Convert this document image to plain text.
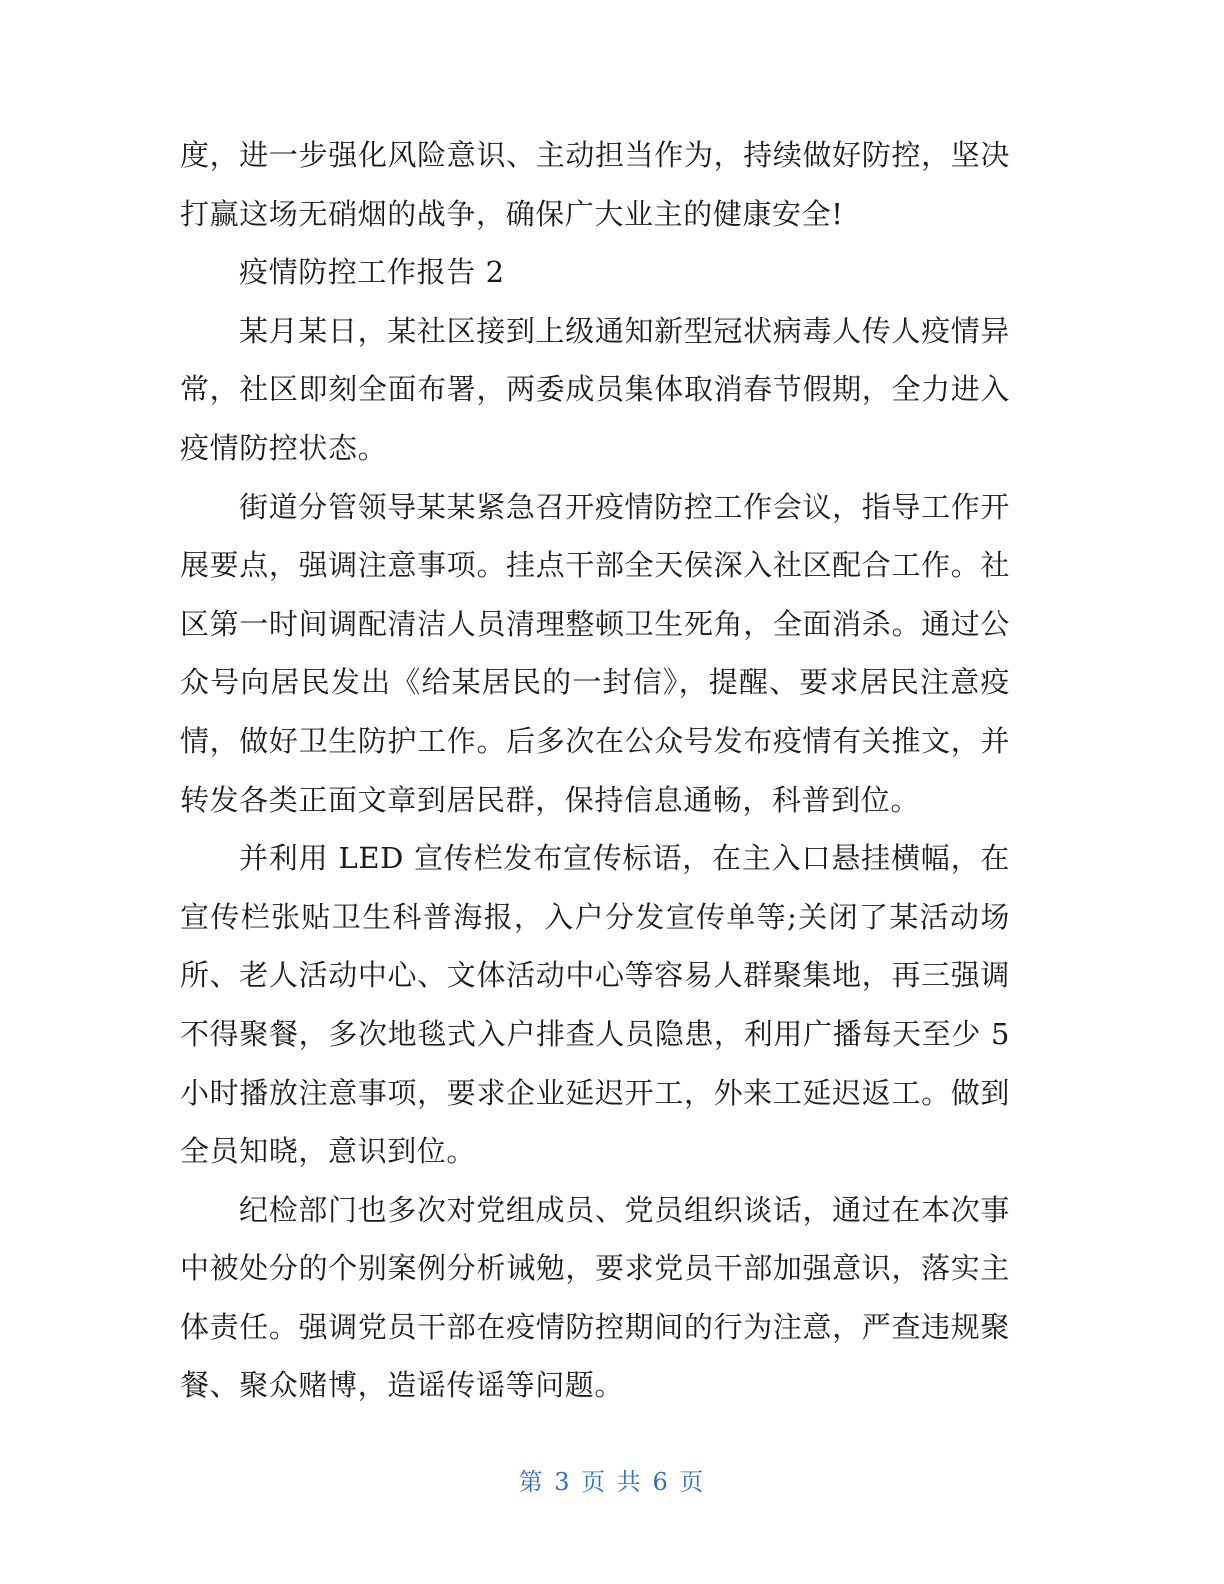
度，进一步强化风险意识、主动担当作为，持续做好防控，坚决打赢这场无硝烟的战争，确保广大业主的健康安全!

疫情防控工作报告 2

某月某日，某社区接到上级通知新型冠状病毒人传人疫情异常，社区即刻全面布署，两委成员集体取消春节假期，全力进入疫情防控状态。

街道分管领导某某紧急召开疫情防控工作会议，指导工作开展要点，强调注意事项。挂点干部全天侯深入社区配合工作。社区第一时间调配清洁人员清理整顿卫生死角，全面消杀。通过公众号向居民发出《给某居民的一封信》，提醒、要求居民注意疫情，做好卫生防护工作。后多次在公众号发布疫情有关推文，并转发各类正面文章到居民群，保持信息通畅，科普到位。

并利用 LED 宣传栏发布宣传标语，在主入口悬挂横幅，在宣传栏张贴卫生科普海报，入户分发宣传单等;关闭了某活动场所、老人活动中心、文体活动中心等容易人群聚集地，再三强调不得聚餐，多次地毯式入户排查人员隐患，利用广播每天至少 5 小时播放注意事项，要求企业延迟开工，外来工延迟返工。做到全员知晓，意识到位。

纪检部门也多次对党组成员、党员组织谈话，通过在本次事中被处分的个别案例分析诫勉，要求党员干部加强意识，落实主体责任。强调党员干部在疫情防控期间的行为注意，严查违规聚餐、聚众赌博，造谣传谣等问题。

第 3 页 共 6 页
